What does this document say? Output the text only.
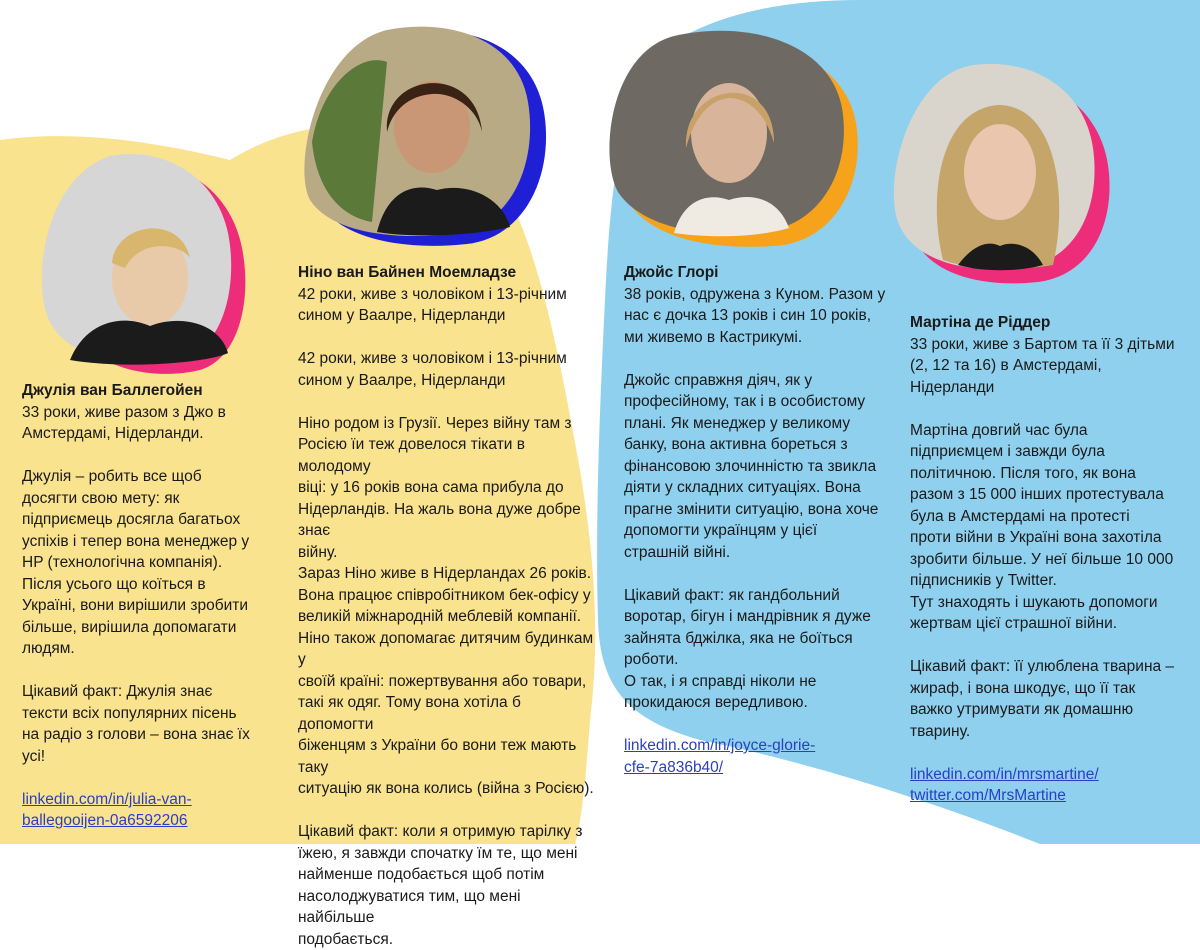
Джулія ван Баллегойен
33 роки, живе разом з Джо в
Амстердамі, Нідерланди.
Джулія – робить все щоб
досягти свою мету: як
підприємець досягла багатьох
успіхів і тепер вона менеджер у
HP (технологічна компанія).
Після усього що коїться в
Україні, вони вирішили зробити
більше, вирішила допомагати
людям.
Цікавий факт: Джулія знає
тексти всіх популярних пісень
на радіо з голови – вона знає їх
усі!
linkedin.com/in/julia-van-
ballegooijen-0a6592206
Ніно ван Байнен Моемладзе
42 роки, живе з чоловіком і 13-річним
сином у Ваалре, Нідерланди
42 роки, живе з чоловіком і 13-річним
сином у Ваалре, Нідерланди
Ніно родом із Грузії. Через війну там з
Росією їи теж довелося тікати в молодому
віці: у 16 років вона сама прибула до
Нідерландів. На жаль вона дуже добре знає
війну.
Зараз Ніно живе в Нідерландах 26 років.
Вона працює співробітником бек-офісу у
великій міжнародній меблевій компанії.
Ніно також допомагає дитячим будинкам у
своїй країні: пожертвування або товари,
такі як одяг. Тому вона хотіла б допомогти
біженцям з України бо вони теж мають таку
ситуацію як вона колись (війна з Росією).
Цікавий факт: коли я отримую тарілку з
їжею, я завжди спочатку їм те, що мені
найменше подобається щоб потім
насолоджуватися тим, що мені найбільше
подобається.
Джойс Глорі
38 років, одружена з Куном. Разом у
нас є дочка 13 років і син 10 років,
ми живемо в Кастрикумі.
Джойс справжня діяч, як у
професійному, так і в особистому
плані. Як менеджер у великому
банку, вона активна бореться з
фінансовою злочинністю та звикла
діяти у складних ситуаціях. Вона
прагне змінити ситуацію, вона хоче
допомогти українцям у цієї
страшній війні.
Цікавий факт: як гандбольний
воротар, бігун і мандрівник я дуже
зайнята бджілка, яка не боїться
роботи.
О так, і я справді ніколи не
прокидаюся вередливою.
linkedin.com/in/joyce-glorie-
cfe-7a836b40/
Мартіна де Ріддер
33 роки, живе з Бартом та її 3 дітьми
(2, 12 та 16) в Амстердамі,
Нідерланди
Мартіна довгий час була
підприємцем і завжди була
політичною. Після того, як вона
разом з 15 000 інших протестувала
була в Амстердамі на протесті
проти війни в Україні вона захотіла
зробити більше. У неї більше 10 000
підписників у Twitter.
Тут знаходять і шукають допомоги
жертвам цієї страшної війни.
Цікавий факт: її улюблена тварина –
жираф, і вона шкодує, що її так
важко утримувати як домашню
тварину.
linkedin.com/in/mrsmartine/
twitter.com/MrsMartine
